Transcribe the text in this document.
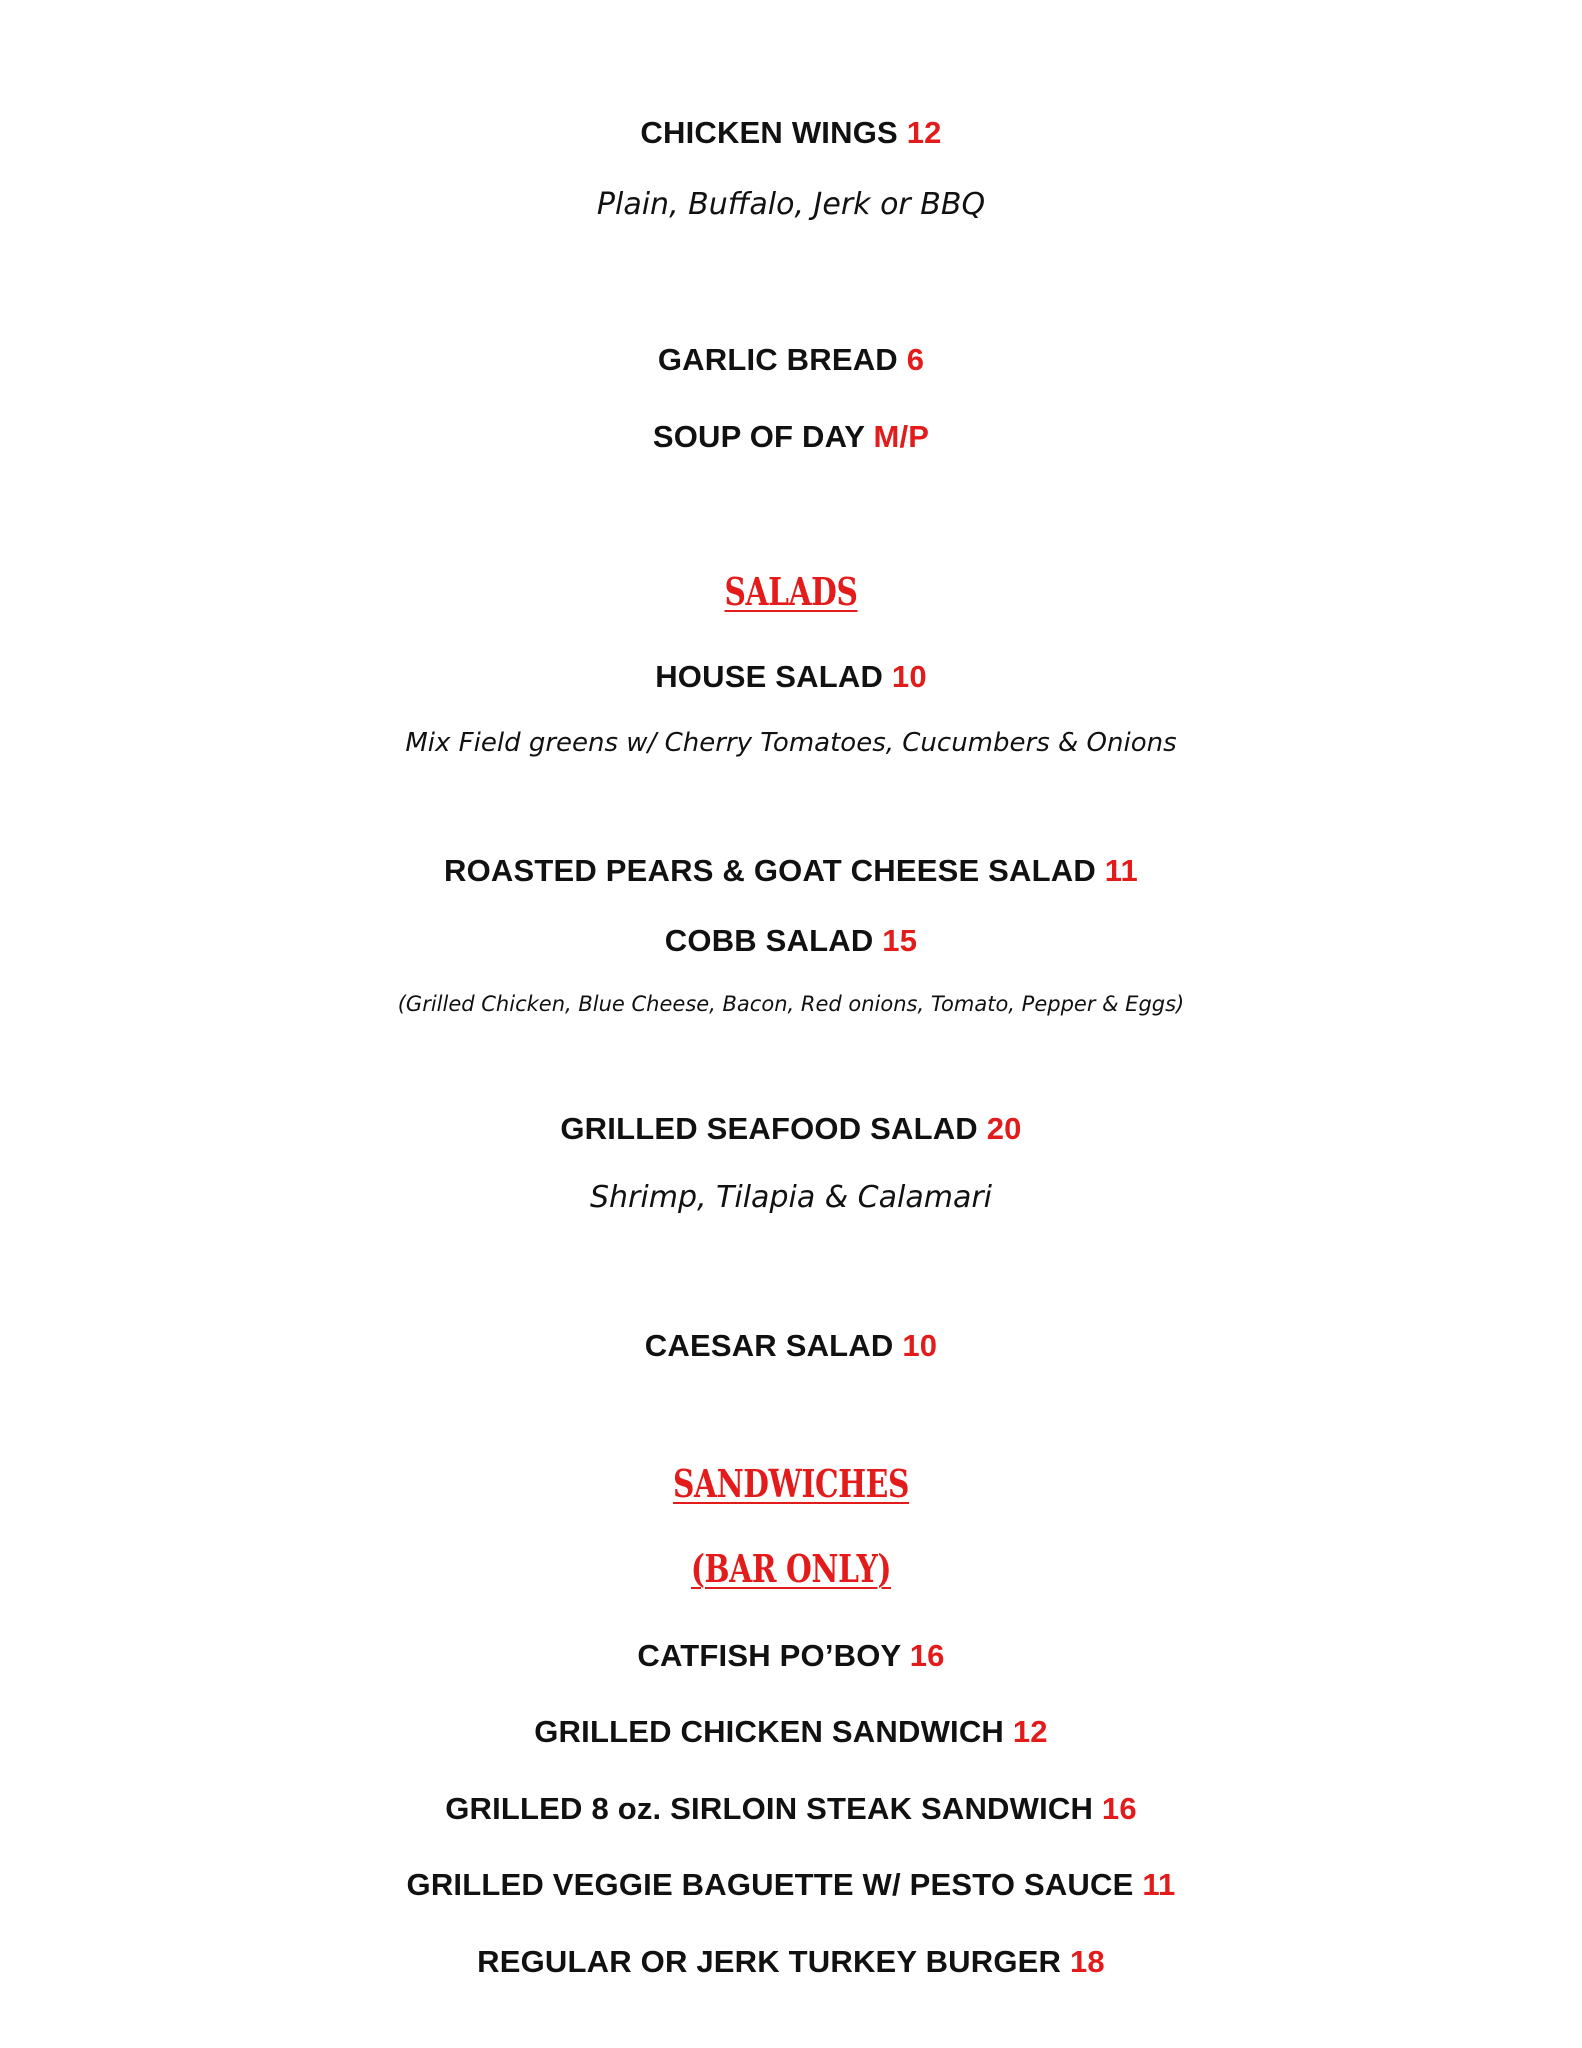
CHICKEN WINGS 12
Plain, Buffalo, Jerk or BBQ
GARLIC BREAD 6
SOUP OF DAY M/P
SALADS
HOUSE SALAD 10
Mix Field greens w/ Cherry Tomatoes, Cucumbers & Onions
ROASTED PEARS & GOAT CHEESE SALAD 11
COBB SALAD 15
(Grilled Chicken, Blue Cheese, Bacon, Red onions, Tomato, Pepper & Eggs)
GRILLED SEAFOOD SALAD 20
Shrimp, Tilapia & Calamari
CAESAR SALAD 10
SANDWICHES
(BAR ONLY)
CATFISH PO’BOY 16
GRILLED CHICKEN SANDWICH 12
GRILLED 8 oz. SIRLOIN STEAK SANDWICH 16
GRILLED VEGGIE BAGUETTE W/ PESTO SAUCE 11
REGULAR OR JERK TURKEY BURGER 18
